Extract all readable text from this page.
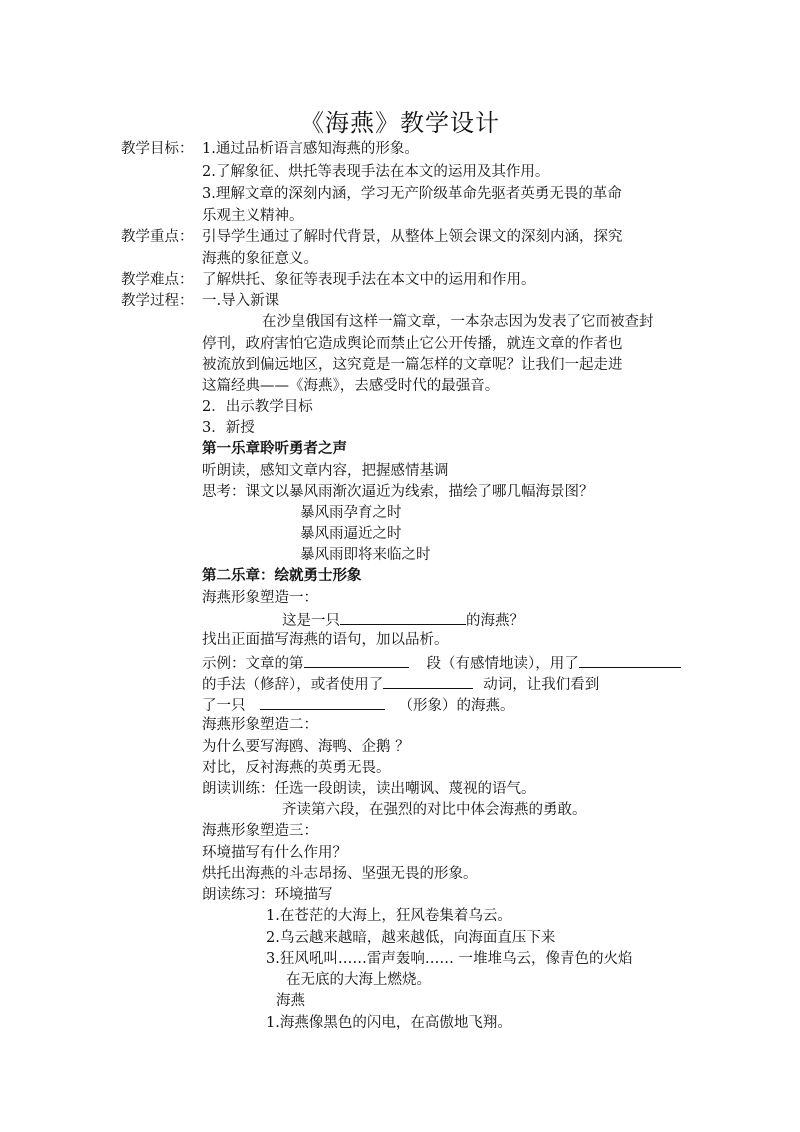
《海燕》教学设计
教学目标： 1.通过品析语言感知海燕的形象。
2.了解象征、烘托等表现手法在本文的运用及其作用。
3.理解文章的深刻内涵，学习无产阶级革命先驱者英勇无畏的革命
乐观主义精神。
教学重点： 引导学生通过了解时代背景，从整体上领会课文的深刻内涵，探究
海燕的象征意义。
教学难点： 了解烘托、象征等表现手法在本文中的运用和作用。
教学过程： 一.导入新课
在沙皇俄国有这样一篇文章，一本杂志因为发表了它而被查封
停刊，政府害怕它造成舆论而禁止它公开传播，就连文章的作者也
被流放到偏远地区，这究竟是一篇怎样的文章呢？让我们一起走进
这篇经典——《海燕》，去感受时代的最强音。
2．出示教学目标
3．新授
第一乐章聆听勇者之声
听朗读，感知文章内容，把握感情基调
思考：课文以暴风雨渐次逼近为线索，描绘了哪几幅海景图？
暴风雨孕育之时
暴风雨逼近之时
暴风雨即将来临之时
第二乐章：绘就勇士形象
海燕形象塑造一：
这是一只	的海燕？
找出正面描写海燕的语句，加以品析。
示例：文章的第	段（有感情地读），用了
的手法（修辞），或者使用了	动词，让我们看到
了一只	（形象）的海燕。
海燕形象塑造二：
为什么要写海鸥、海鸭、企鹅 ？
对比，反衬海燕的英勇无畏。
朗读训练：任选一段朗读，读出嘲讽、蔑视的语气。
齐读第六段，在强烈的对比中体会海燕的勇敢。
海燕形象塑造三：
环境描写有什么作用？
烘托出海燕的斗志昂扬、坚强无畏的形象。
朗读练习：环境描写
1.在苍茫的大海上，狂风卷集着乌云。
2.乌云越来越暗，越来越低，向海面直压下来
3.狂风吼叫……雷声轰响…… 一堆堆乌云，像青色的火焰
在无底的大海上燃烧。
海燕
1.海燕像黑色的闪电，在高傲地飞翔。
